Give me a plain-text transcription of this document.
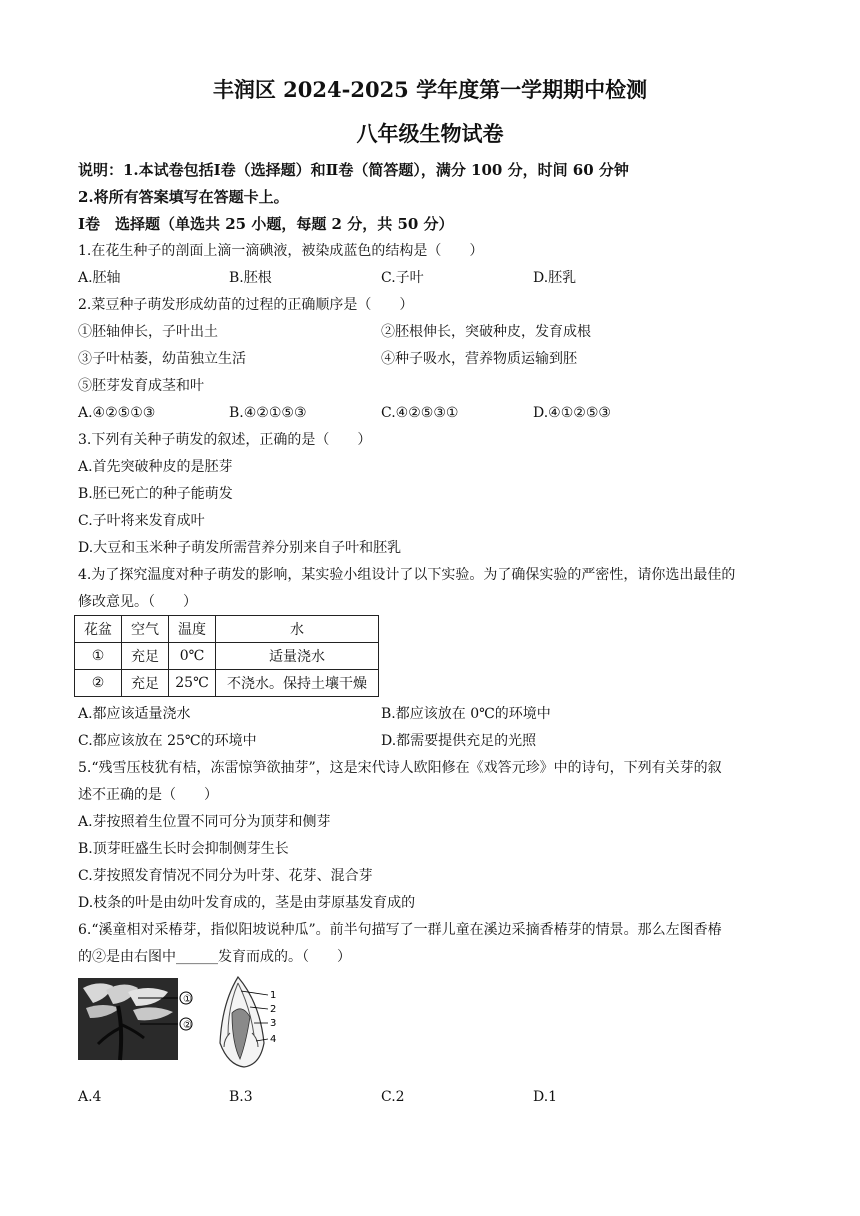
丰润区 2024-2025 学年度第一学期期中检测
八年级生物试卷
说明：1.本试卷包括Ⅰ卷（选择题）和Ⅱ卷（简答题），满分 100 分，时间 60 分钟
2.将所有答案填写在答题卡上。
Ⅰ卷　选择题（单选共 25 小题，每题 2 分，共 50 分）
1.在花生种子的剖面上滴一滴碘液，被染成蓝色的结构是（　　）
A.胚轴	B.胚根	C.子叶	D.胚乳
2.菜豆种子萌发形成幼苗的过程的正确顺序是（　　）
①胚轴伸长，子叶出土	②胚根伸长，突破种皮，发育成根
③子叶枯萎，幼苗独立生活	④种子吸水，营养物质运输到胚
⑤胚芽发育成茎和叶
A.④②⑤①③	B.④②①⑤③	C.④②⑤③①	D.④①②⑤③
3.下列有关种子萌发的叙述，正确的是（　　）
A.首先突破种皮的是胚芽
B.胚已死亡的种子能萌发
C.子叶将来发育成叶
D.大豆和玉米种子萌发所需营养分别来自子叶和胚乳
4.为了探究温度对种子萌发的影响，某实验小组设计了以下实验。为了确保实验的严密性，请你选出最佳的
修改意见。（　　）
花盆	空气	温度	水
①	充足	0℃	适量浇水
②	充足	25℃	不浇水。保持土壤干燥
A.都应该适量浇水	B.都应该放在 0℃的环境中
C.都应该放在 25℃的环境中	D.都需要提供充足的光照
5.“残雪压枝犹有桔，冻雷惊笋欲抽芽”，这是宋代诗人欧阳修在《戏答元珍》中的诗句，下列有关芽的叙
述不正确的是（　　）
A.芽按照着生位置不同可分为顶芽和侧芽
B.顶芽旺盛生长时会抑制侧芽生长
C.芽按照发育情况不同分为叶芽、花芽、混合芽
D.枝条的叶是由幼叶发育成的，茎是由芽原基发育成的
6.“溪童相对采椿芽，指似阳坡说种瓜”。前半句描写了一群儿童在溪边采摘香椿芽的情景。那么左图香椿
的②是由右图中______发育而成的。（　　）
①
②
1
2
3
4
A.4	B.3	C.2	D.1
